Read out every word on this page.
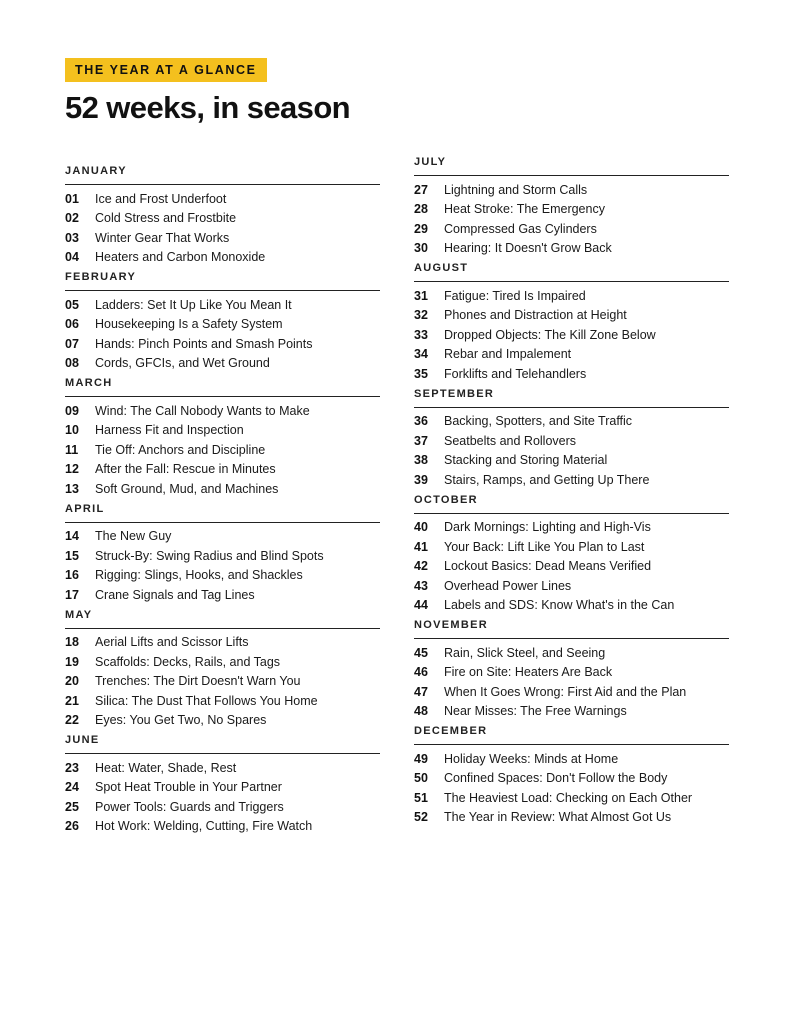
THE YEAR AT A GLANCE
52 weeks, in season
JANUARY
01	Ice and Frost Underfoot
02	Cold Stress and Frostbite
03	Winter Gear That Works
04	Heaters and Carbon Monoxide
FEBRUARY
05	Ladders: Set It Up Like You Mean It
06	Housekeeping Is a Safety System
07	Hands: Pinch Points and Smash Points
08	Cords, GFCIs, and Wet Ground
MARCH
09	Wind: The Call Nobody Wants to Make
10	Harness Fit and Inspection
11	Tie Off: Anchors and Discipline
12	After the Fall: Rescue in Minutes
13	Soft Ground, Mud, and Machines
APRIL
14	The New Guy
15	Struck-By: Swing Radius and Blind Spots
16	Rigging: Slings, Hooks, and Shackles
17	Crane Signals and Tag Lines
MAY
18	Aerial Lifts and Scissor Lifts
19	Scaffolds: Decks, Rails, and Tags
20	Trenches: The Dirt Doesn't Warn You
21	Silica: The Dust That Follows You Home
22	Eyes: You Get Two, No Spares
JUNE
23	Heat: Water, Shade, Rest
24	Spot Heat Trouble in Your Partner
25	Power Tools: Guards and Triggers
26	Hot Work: Welding, Cutting, Fire Watch
JULY
27	Lightning and Storm Calls
28	Heat Stroke: The Emergency
29	Compressed Gas Cylinders
30	Hearing: It Doesn't Grow Back
AUGUST
31	Fatigue: Tired Is Impaired
32	Phones and Distraction at Height
33	Dropped Objects: The Kill Zone Below
34	Rebar and Impalement
35	Forklifts and Telehandlers
SEPTEMBER
36	Backing, Spotters, and Site Traffic
37	Seatbelts and Rollovers
38	Stacking and Storing Material
39	Stairs, Ramps, and Getting Up There
OCTOBER
40	Dark Mornings: Lighting and High-Vis
41	Your Back: Lift Like You Plan to Last
42	Lockout Basics: Dead Means Verified
43	Overhead Power Lines
44	Labels and SDS: Know What's in the Can
NOVEMBER
45	Rain, Slick Steel, and Seeing
46	Fire on Site: Heaters Are Back
47	When It Goes Wrong: First Aid and the Plan
48	Near Misses: The Free Warnings
DECEMBER
49	Holiday Weeks: Minds at Home
50	Confined Spaces: Don't Follow the Body
51	The Heaviest Load: Checking on Each Other
52	The Year in Review: What Almost Got Us
